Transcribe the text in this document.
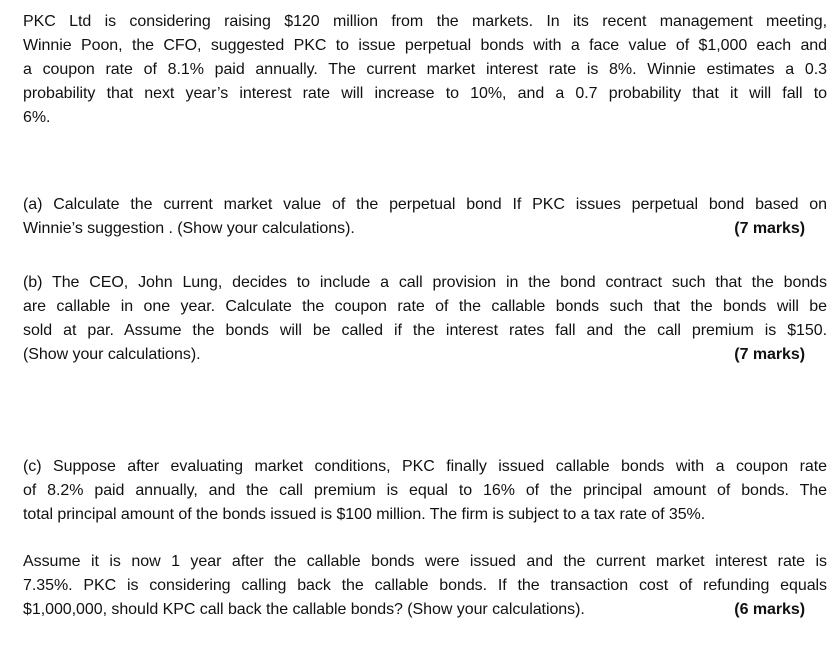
PKC Ltd is considering raising $120 million from the markets. In its recent management meeting,
Winnie Poon, the CFO, suggested PKC to issue perpetual bonds with a face value of $1,000 each and
a coupon rate of 8.1% paid annually. The current market interest rate is 8%. Winnie estimates a 0.3
probability that next year’s interest rate will increase to 10%, and a 0.7 probability that it will fall to
6%.
(a) Calculate the current market value of the perpetual bond If PKC issues perpetual bond based on
Winnie’s suggestion . (Show your calculations).	(7 marks)
(b) The CEO, John Lung, decides to include a call provision in the bond contract such that the bonds
are callable in one year. Calculate the coupon rate of the callable bonds such that the bonds will be
sold at par. Assume the bonds will be called if the interest rates fall and the call premium is $150.
(Show your calculations).	(7 marks)
(c) Suppose after evaluating market conditions, PKC finally issued callable bonds with a coupon rate
of 8.2% paid annually, and the call premium is equal to 16% of the principal amount of bonds. The
total principal amount of the bonds issued is $100 million. The firm is subject to a tax rate of 35%.
Assume it is now 1 year after the callable bonds were issued and the current market interest rate is
7.35%. PKC is considering calling back the callable bonds. If the transaction cost of refunding equals
$1,000,000, should KPC call back the callable bonds? (Show your calculations).	(6 marks)
